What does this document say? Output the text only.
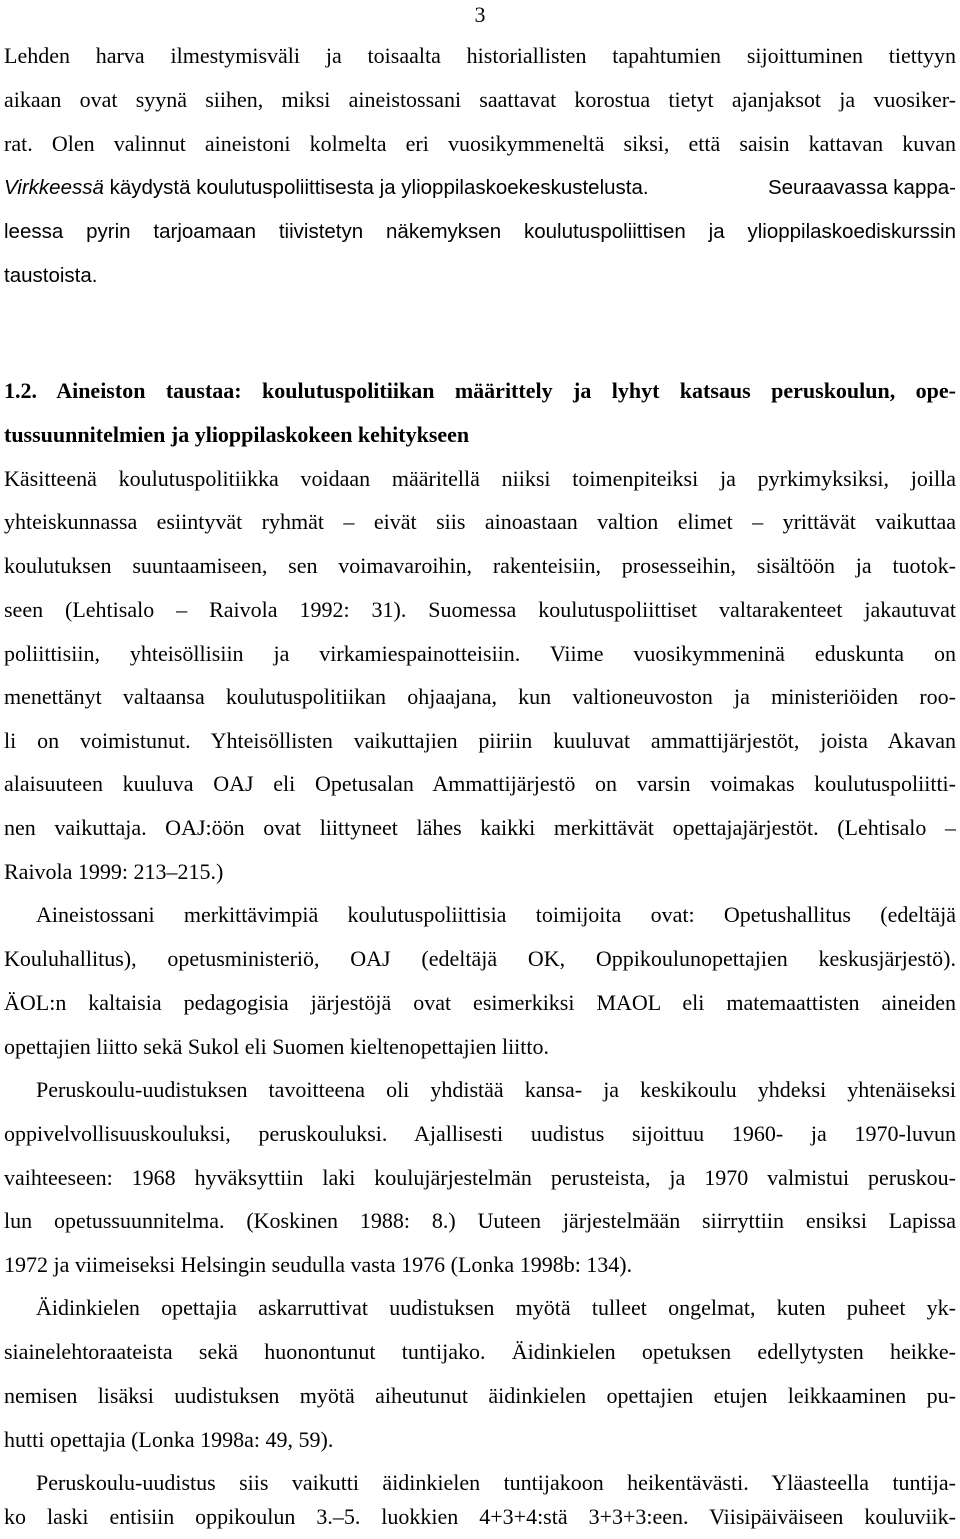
3
Lehden harva ilmestymisväli ja toisaalta historiallisten tapahtumien sijoittuminen tiettyyn
aikaan ovat syynä siihen, miksi aineistossani saattavat korostua tietyt ajanjaksot ja vuosiker-
rat. Olen valinnut aineistoni kolmelta eri vuosikymmeneltä siksi, että saisin kattavan kuvan
Virkkeessä käydystä koulutuspoliittisesta ja ylioppilaskoekeskustelusta.	Seuraavassa kappa-
leessa pyrin tarjoamaan tiivistetyn näkemyksen koulutuspoliittisen ja ylioppilaskoediskurssin
taustoista.
1.2. Aineiston taustaa: koulutuspolitiikan määrittely ja lyhyt katsaus peruskoulun, ope-
tussuunnitelmien ja ylioppilaskokeen kehitykseen
Käsitteenä koulutuspolitiikka voidaan määritellä niiksi toimenpiteiksi ja pyrkimyksiksi, joilla
yhteiskunnassa esiintyvät ryhmät – eivät siis ainoastaan valtion elimet – yrittävät vaikuttaa
koulutuksen suuntaamiseen, sen voimavaroihin, rakenteisiin, prosesseihin, sisältöön ja tuotok-
seen (Lehtisalo – Raivola 1992: 31). Suomessa koulutuspoliittiset valtarakenteet jakautuvat
poliittisiin, yhteisöllisiin ja virkamiespainotteisiin. Viime vuosikymmeninä eduskunta on
menettänyt valtaansa koulutuspolitiikan ohjaajana, kun valtioneuvoston ja ministeriöiden roo-
li on voimistunut. Yhteisöllisten vaikuttajien piiriin kuuluvat ammattijärjestöt, joista Akavan
alaisuuteen kuuluva OAJ eli Opetusalan Ammattijärjestö on varsin voimakas koulutuspoliitti-
nen vaikuttaja. OAJ:öön ovat liittyneet lähes kaikki merkittävät opettajajärjestöt. (Lehtisalo –
Raivola 1999: 213–215.)
Aineistossani merkittävimpiä koulutuspoliittisia toimijoita ovat: Opetushallitus (edeltäjä
Kouluhallitus), opetusministeriö, OAJ (edeltäjä OK, Oppikoulunopettajien keskusjärjestö).
ÄOL:n kaltaisia pedagogisia järjestöjä ovat esimerkiksi MAOL eli matemaattisten aineiden
opettajien liitto sekä Sukol eli Suomen kieltenopettajien liitto.
Peruskoulu-uudistuksen tavoitteena oli yhdistää kansa- ja keskikoulu yhdeksi yhtenäiseksi
oppivelvollisuuskouluksi, peruskouluksi. Ajallisesti uudistus sijoittuu 1960- ja 1970-luvun
vaihteeseen: 1968 hyväksyttiin laki koulujärjestelmän perusteista, ja 1970 valmistui peruskou-
lun opetussuunnitelma. (Koskinen 1988: 8.) Uuteen järjestelmään siirryttiin ensiksi Lapissa
1972 ja viimeiseksi Helsingin seudulla vasta 1976 (Lonka 1998b: 134).
Äidinkielen opettajia askarruttivat uudistuksen myötä tulleet ongelmat, kuten puheet yk-
siainelehtoraateista sekä huonontunut tuntijako. Äidinkielen opetuksen edellytysten heikke-
nemisen lisäksi uudistuksen myötä aiheutunut äidinkielen opettajien etujen leikkaaminen pu-
hutti opettajia (Lonka 1998a: 49, 59).
Peruskoulu-uudistus siis vaikutti äidinkielen tuntijakoon heikentävästi. Yläasteella tuntija-
ko laski entisiin oppikoulun 3.–5. luokkien 4+3+4:stä 3+3+3:een. Viisipäiväiseen kouluviik-
